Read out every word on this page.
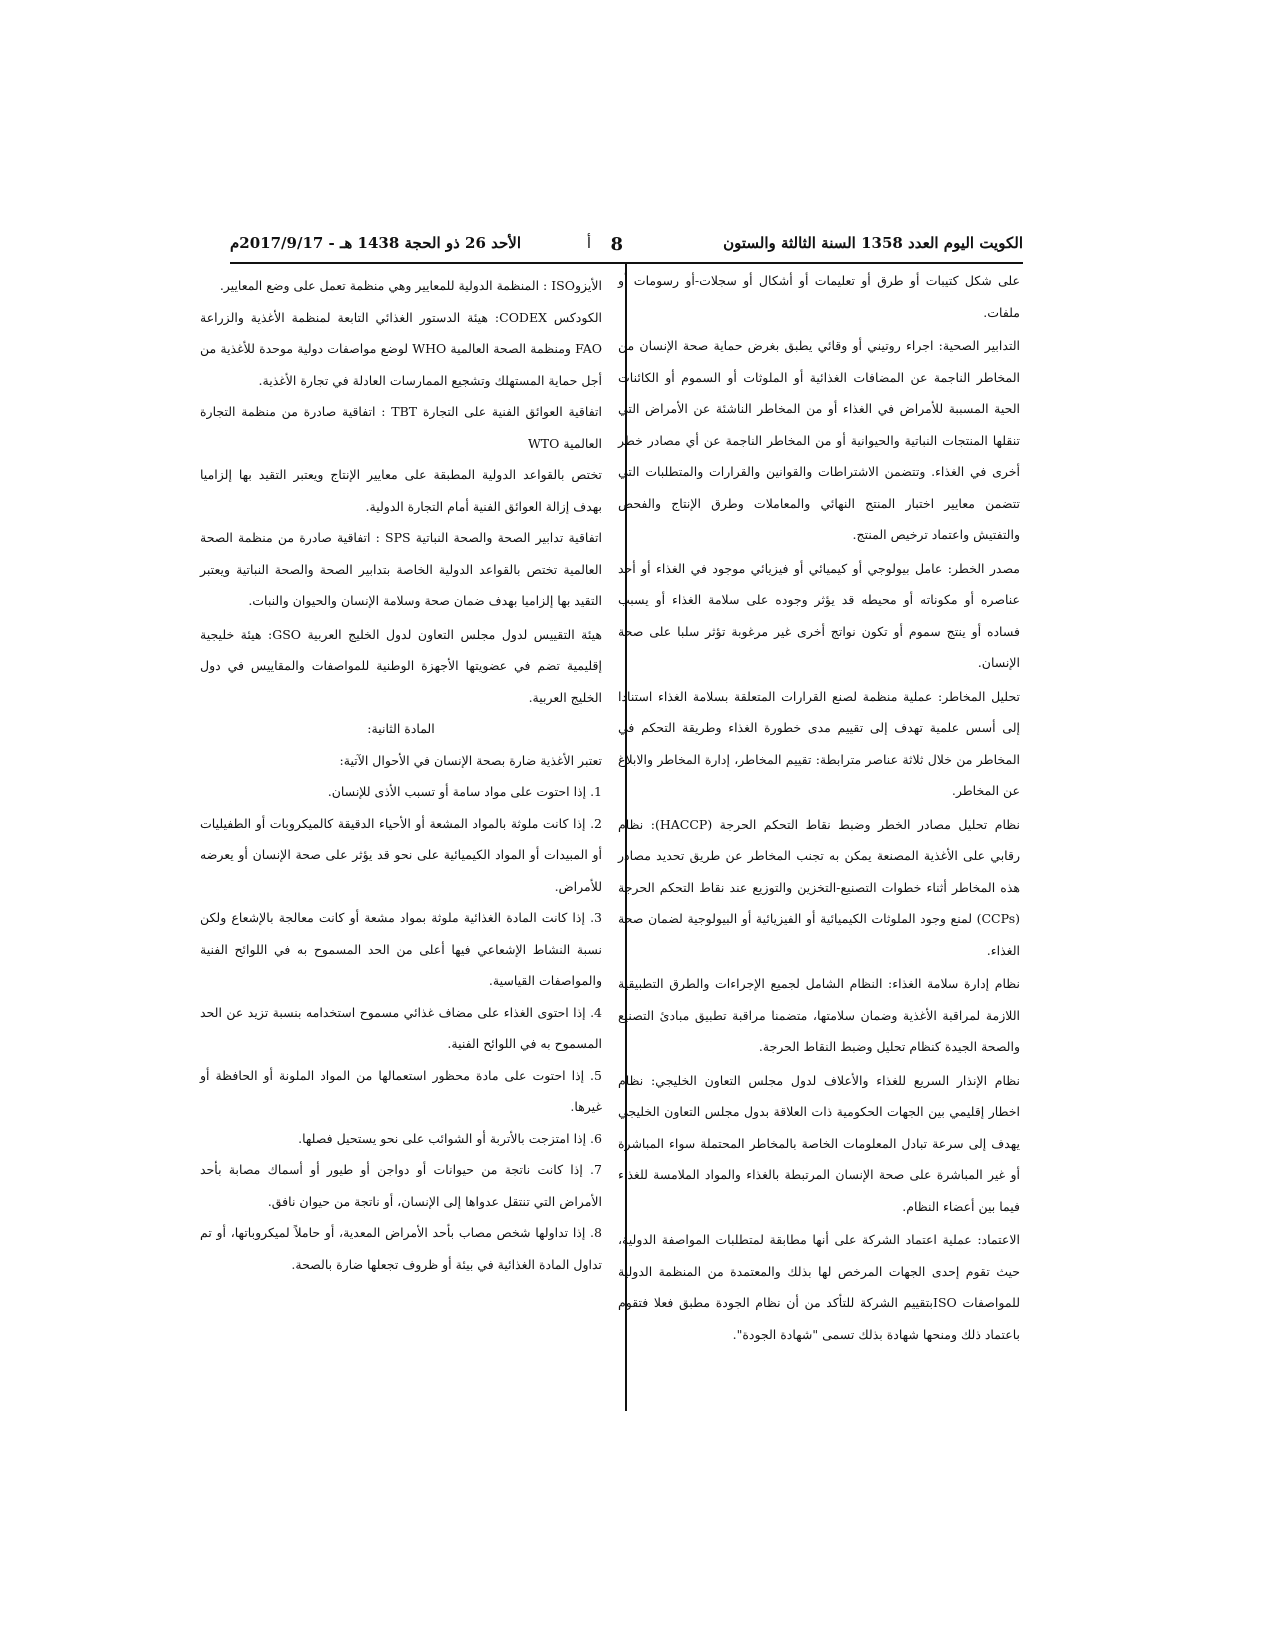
الكويت اليوم العدد 1358 السنة الثالثة والستون
8
أ
الأحد 26 ذو الحجة 1438 هـ - 2017/9/17م

على شكل كتيبات أو طرق أو تعليمات أو أشكال أو سجلات-أو رسومات أو ملفات.

التدابير الصحية: اجراء روتيني أو وقائي يطبق بغرض حماية صحة الإنسان من المخاطر الناجمة عن المضافات الغذائية أو الملوثات أو السموم أو الكائنات الحية المسببة للأمراض في الغذاء أو من المخاطر الناشئة عن الأمراض التي تنقلها المنتجات النباتية والحيوانية أو من المخاطر الناجمة عن أي مصادر خطر أخرى في الغذاء. وتتضمن الاشتراطات والقوانين والقرارات والمتطلبات التي تتضمن معايير اختبار المنتج النهائي والمعاملات وطرق الإنتاج والفحص والتفتيش واعتماد ترخيص المنتج.

مصدر الخطر: عامل بيولوجي أو كيميائي أو فيزيائي موجود في الغذاء أو أحد عناصره أو مكوناته أو محيطه قد يؤثر وجوده على سلامة الغذاء أو يسبب فساده أو ينتج سموم أو تكون نواتج أخرى غير مرغوبة تؤثر سلبا على صحة الإنسان.

تحليل المخاطر: عملية منظمة لصنع القرارات المتعلقة بسلامة الغذاء استنادا إلى أسس علمية تهدف إلى تقييم مدى خطورة الغذاء وطريقة التحكم في المخاطر من خلال ثلاثة عناصر مترابطة: تقييم المخاطر، إدارة المخاطر والابلاغ عن المخاطر.

نظام تحليل مصادر الخطر وضبط نقاط التحكم الحرجة (HACCP): نظام رقابي على الأغذية المصنعة يمكن به تجنب المخاطر عن طريق تحديد مصادر هذه المخاطر أثناء خطوات التصنيع-التخزين والتوزيع عند نقاط التحكم الحرجة (CCPs) لمنع وجود الملوثات الكيميائية أو الفيزيائية أو البيولوجية لضمان صحة الغذاء.

نظام إدارة سلامة الغذاء: النظام الشامل لجميع الإجراءات والطرق التطبيقية اللازمة لمراقبة الأغذية وضمان سلامتها، متضمنا مراقبة تطبيق مبادئ التصنيع والصحة الجيدة كنظام تحليل وضبط النقاط الحرجة.

نظام الإنذار السريع للغذاء والأعلاف لدول مجلس التعاون الخليجي: نظام اخطار إقليمي بين الجهات الحكومية ذات العلاقة بدول مجلس التعاون الخليجي يهدف إلى سرعة تبادل المعلومات الخاصة بالمخاطر المحتملة سواء المباشرة أو غير المباشرة على صحة الإنسان المرتبطة بالغذاء والمواد الملامسة للغذاء فيما بين أعضاء النظام.

الاعتماد: عملية اعتماد الشركة على أنها مطابقة لمتطلبات المواصفة الدولية، حيث تقوم إحدى الجهات المرخص لها بذلك والمعتمدة من المنظمة الدولية للمواصفات ISOبتقييم الشركة للتأكد من أن نظام الجودة مطبق فعلا فتقوم باعتماد ذلك ومنحها شهادة بذلك تسمى "شهادة الجودة".

الأيزوISO : المنظمة الدولية للمعايير وهي منظمة تعمل على وضع المعايير.

الكودكس CODEX: هيئة الدستور الغذائي التابعة لمنظمة الأغذية والزراعة FAO ومنظمة الصحة العالمية WHO لوضع مواصفات دولية موحدة للأغذية من أجل حماية المستهلك وتشجيع الممارسات العادلة في تجارة الأغذية.

اتفاقية العوائق الفنية على التجارة TBT : اتفاقية صادرة من منظمة التجارة العالمية WTO

تختص بالقواعد الدولية المطبقة على معايير الإنتاج ويعتبر التقيد بها إلزاميا بهدف إزالة العوائق الفنية أمام التجارة الدولية.

اتفاقية تدابير الصحة والصحة النباتية SPS : اتفاقية صادرة من منظمة الصحة العالمية تختص بالقواعد الدولية الخاصة بتدابير الصحة والصحة النباتية ويعتبر التقيد بها إلزاميا بهدف ضمان صحة وسلامة الإنسان والحيوان والنبات.

هيئة التقييس لدول مجلس التعاون لدول الخليج العربية GSO: هيئة خليجية إقليمية تضم في عضويتها الأجهزة الوطنية للمواصفات والمقاييس في دول الخليج العربية.

المادة الثانية:

تعتبر الأغذية ضارة بصحة الإنسان في الأحوال الآتية:

1. إذا احتوت على مواد سامة أو تسبب الأذى للإنسان.

2. إذا كانت ملوثة بالمواد المشعة أو الأحياء الدقيقة كالميكروبات أو الطفيليات أو المبيدات أو المواد الكيميائية على نحو قد يؤثر على صحة الإنسان أو يعرضه للأمراض.

3. إذا كانت المادة الغذائية ملوثة بمواد مشعة أو كانت معالجة بالإشعاع ولكن نسبة النشاط الإشعاعي فيها أعلى من الحد المسموح به في اللوائح الفنية والمواصفات القياسية.

4. إذا احتوى الغذاء على مضاف غذائي مسموح استخدامه بنسبة تزيد عن الحد المسموح به في اللوائح الفنية.

5. إذا احتوت على مادة محظور استعمالها من المواد الملونة أو الحافظة أو غيرها.

6. إذا امتزجت بالأتربة أو الشوائب على نحو يستحيل فصلها.

7. إذا كانت ناتجة من حيوانات أو دواجن أو طيور أو أسماك مصابة بأحد الأمراض التي تنتقل عدواها إلى الإنسان، أو ناتجة من حيوان نافق.

8. إذا تداولها شخص مصاب بأحد الأمراض المعدية، أو حاملاً لميكروباتها، أو تم تداول المادة الغذائية في بيئة أو ظروف تجعلها ضارة بالصحة.
